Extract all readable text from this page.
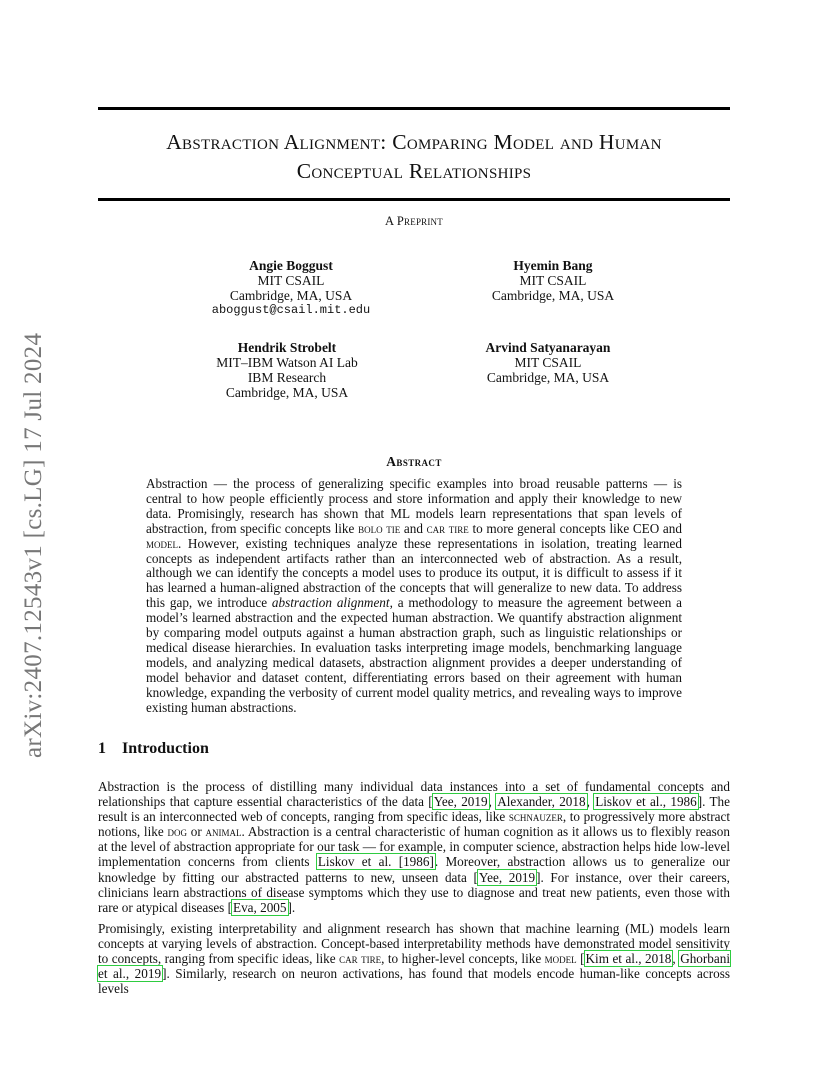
Abstraction Alignment: Comparing Model and Human
Conceptual Relationships
A Preprint
arXiv:2407.12543v1 [cs.LG] 17 Jul 2024
Angie Boggust
MIT CSAIL
Cambridge, MA, USA
aboggust@csail.mit.edu
Hyemin Bang
MIT CSAIL
Cambridge, MA, USA
Hendrik Strobelt
MIT–IBM Watson AI Lab
IBM Research
Cambridge, MA, USA
Arvind Satyanarayan
MIT CSAIL
Cambridge, MA, USA
Abstract
Abstraction — the process of generalizing specific examples into broad reusable patterns — is central to how people efficiently process and store information and apply their knowledge to new data. Promisingly, research has shown that ML models learn representations that span levels of abstraction, from specific concepts like bolo tie and car tire to more general concepts like CEO and model. However, existing techniques analyze these representations in isolation, treating learned concepts as independent artifacts rather than an interconnected web of abstraction. As a result, although we can identify the concepts a model uses to produce its output, it is difficult to assess if it has learned a human-aligned abstraction of the concepts that will generalize to new data. To address this gap, we introduce abstraction alignment, a methodology to measure the agreement between a model’s learned abstraction and the expected human abstraction. We quantify abstraction alignment by comparing model outputs against a human abstraction graph, such as linguistic relationships or medical disease hierarchies. In evaluation tasks interpreting image models, benchmarking language models, and analyzing medical datasets, abstraction alignment provides a deeper understanding of model behavior and dataset content, differentiating errors based on their agreement with human knowledge, expanding the verbosity of current model quality metrics, and revealing ways to improve existing human abstractions.
1 Introduction

Abstraction is the process of distilling many individual data instances into a set of fundamental concepts and relationships that capture essential characteristics of the data [Yee, 2019, Alexander, 2018, Liskov et al., 1986]. The result is an interconnected web of concepts, ranging from specific ideas, like schnauzer, to progressively more abstract notions, like dog or animal. Abstraction is a central characteristic of human cognition as it allows us to flexibly reason at the level of abstraction appropriate for our task — for example, in computer science, abstraction helps hide low-level implementation concerns from clients Liskov et al. [1986]. Moreover, abstraction allows us to generalize our knowledge by fitting our abstracted patterns to new, unseen data [Yee, 2019]. For instance, over their careers, clinicians learn abstractions of disease symptoms which they use to diagnose and treat new patients, even those with rare or atypical diseases [Eva, 2005].

Promisingly, existing interpretability and alignment research has shown that machine learning (ML) models learn concepts at varying levels of abstraction. Concept-based interpretability methods have demonstrated model sensitivity to concepts, ranging from specific ideas, like car tire, to higher-level concepts, like model [Kim et al., 2018, Ghorbani et al., 2019]. Similarly, research on neuron activations, has found that models encode human-like concepts across levels
